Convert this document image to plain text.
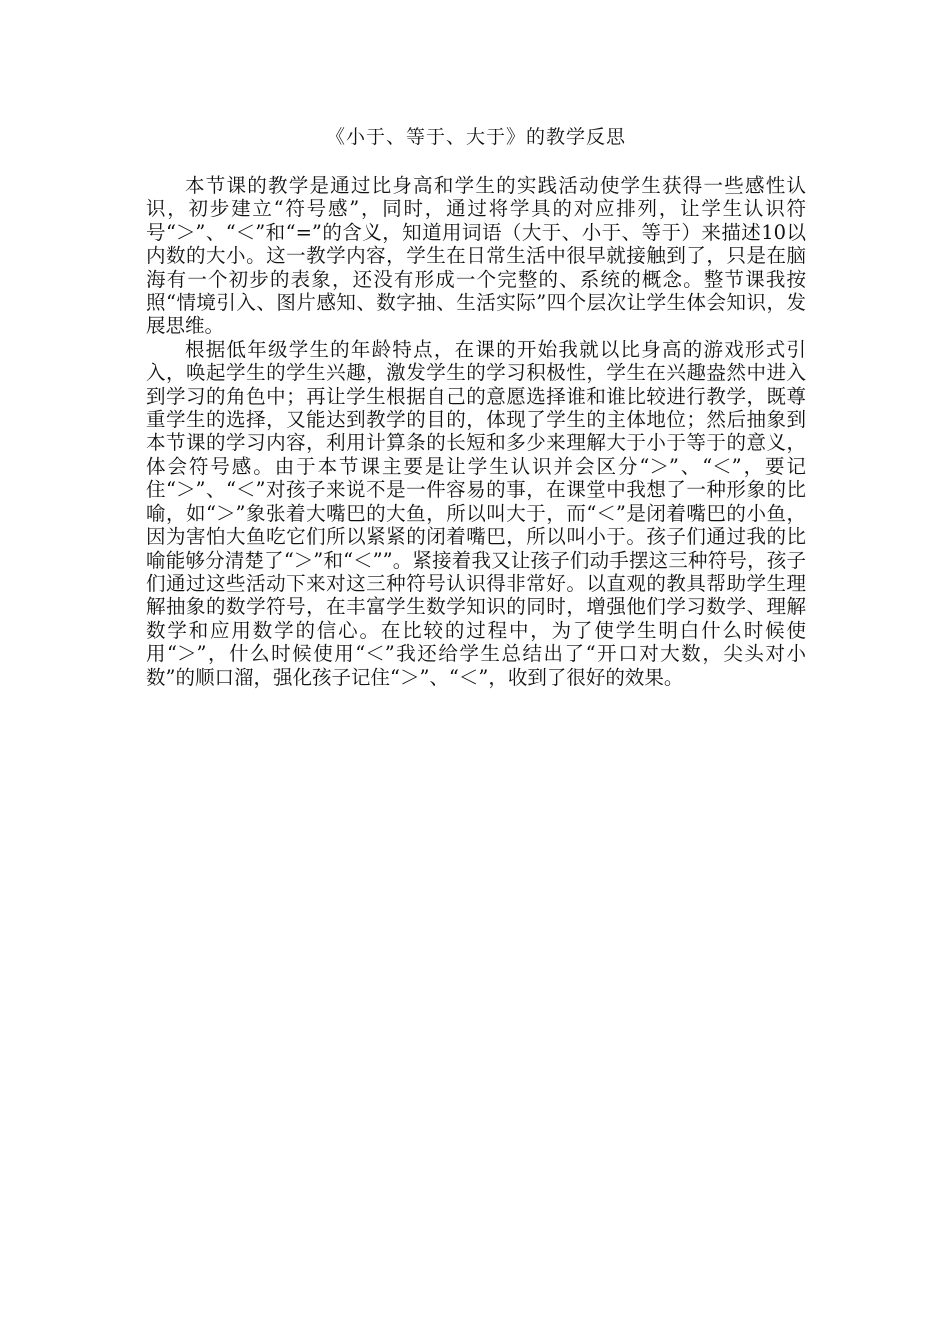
《小于、等于、大于》的教学反思

本节课的教学是通过比身高和学生的实践活动使学生获得一些感性认识，初步建立“符号感”，同时，通过将学具的对应排列，让学生认识符号“＞”、“＜”和“=”的含义，知道用词语（大于、小于、等于）来描述10以内数的大小。这一教学内容，学生在日常生活中很早就接触到了，只是在脑海有一个初步的表象，还没有形成一个完整的、系统的概念。整节课我按照“情境引入、图片感知、数字抽、生活实际”四个层次让学生体会知识，发展思维。

根据低年级学生的年龄特点，在课的开始我就以比身高的游戏形式引入，唤起学生的学生兴趣，激发学生的学习积极性，学生在兴趣盎然中进入到学习的角色中；再让学生根据自己的意愿选择谁和谁比较进行教学，既尊重学生的选择，又能达到教学的目的，体现了学生的主体地位；然后抽象到本节课的学习内容，利用计算条的长短和多少来理解大于小于等于的意义，体会符号感。由于本节课主要是让学生认识并会区分“＞”、“＜”，要记住“＞”、“＜”对孩子来说不是一件容易的事，在课堂中我想了一种形象的比喻，如“＞”象张着大嘴巴的大鱼，所以叫大于，而“＜”是闭着嘴巴的小鱼，因为害怕大鱼吃它们所以紧紧的闭着嘴巴，所以叫小于。孩子们通过我的比喻能够分清楚了“＞”和“＜””。紧接着我又让孩子们动手摆这三种符号，孩子们通过这些活动下来对这三种符号认识得非常好。以直观的教具帮助学生理解抽象的数学符号，在丰富学生数学知识的同时，增强他们学习数学、理解数学和应用数学的信心。在比较的过程中，为了使学生明白什么时候使用“＞”，什么时候使用“＜”我还给学生总结出了“开口对大数，尖头对小数”的顺口溜，强化孩子记住“＞”、“＜”，收到了很好的效果。
